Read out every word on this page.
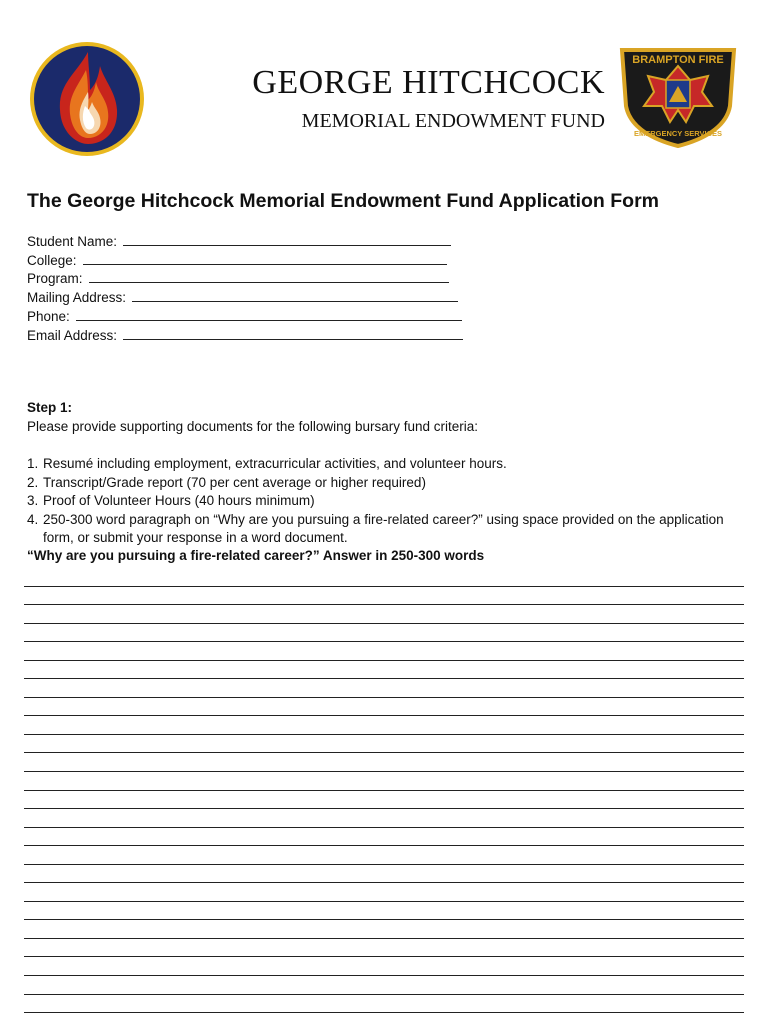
GEORGE HITCHCOCK
MEMORIAL ENDOWMENT FUND
BRAMPTON FIRE
EMERGENCY SERVICES
The George Hitchcock Memorial Endowment Fund Application Form
Student Name:
College:
Program:
Mailing Address:
Phone:
Email Address:
Step 1:
Please provide supporting documents for the following bursary fund criteria:
1. Resumé including employment, extracurricular activities, and volunteer hours.
2. Transcript/Grade report (70 per cent average or higher required)
3. Proof of Volunteer Hours (40 hours minimum)
4. 250-300 word paragraph on “Why are you pursuing a fire-related career?” using space provided on the application form, or submit your response in a word document.
“Why are you pursuing a fire-related career?” Answer in 250-300 words
